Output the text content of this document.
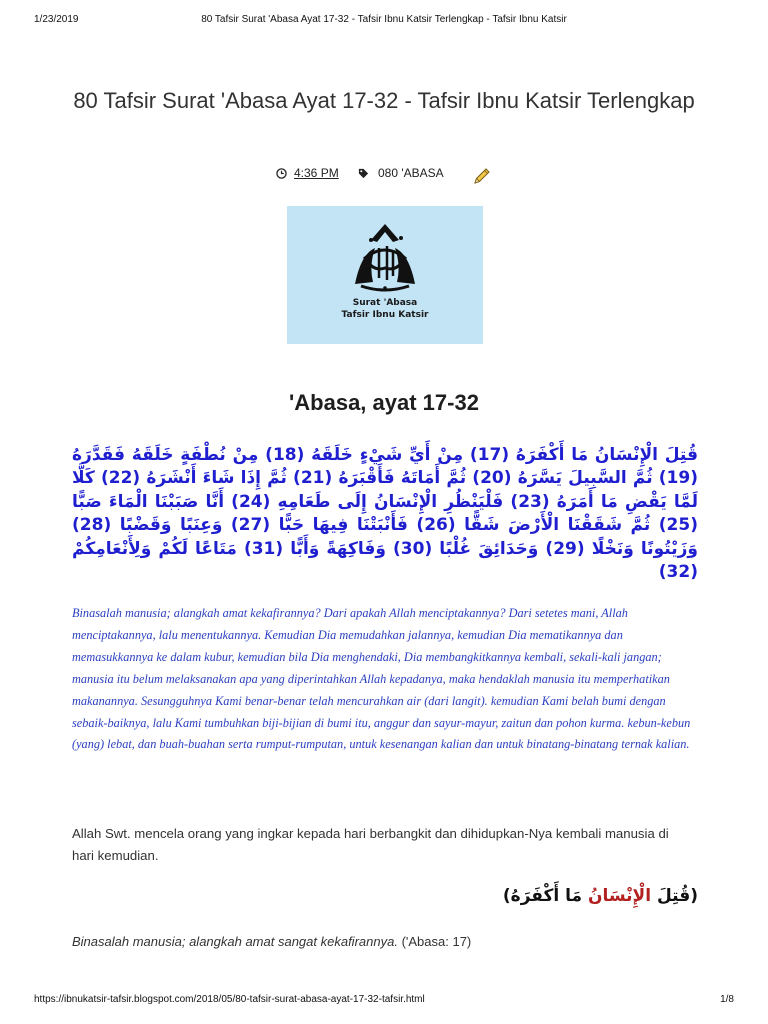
1/23/2019	80 Tafsir Surat 'Abasa Ayat 17-32 - Tafsir Ibnu Katsir Terlengkap - Tafsir Ibnu Katsir
80 Tafsir Surat 'Abasa Ayat 17-32 - Tafsir Ibnu Katsir Terlengkap
4:36 PM	080 'ABASA
Surat 'Abasa
Tafsir Ibnu Katsir
'Abasa, ayat 17-32
قُتِلَ الْإِنْسَانُ مَا أَكْفَرَهُ (17) مِنْ أَيِّ شَيْءٍ خَلَقَهُ (18) مِنْ نُطْفَةٍ خَلَقَهُ فَقَدَّرَهُ (19) ثُمَّ السَّبِيلَ يَسَّرَهُ (20) ثُمَّ أَمَاتَهُ فَأَقْبَرَهُ (21) ثُمَّ إِذَا شَاءَ أَنْشَرَهُ (22) كَلَّا لَمَّا يَقْضِ مَا أَمَرَهُ (23) فَلْيَنْظُرِ الْإِنْسَانُ إِلَى طَعَامِهِ (24) أَنَّا صَبَبْنَا الْمَاءَ صَبًّا (25) ثُمَّ شَقَقْنَا الْأَرْضَ شَقًّا (26) فَأَنْبَتْنَا فِيهَا حَبًّا (27) وَعِنَبًا وَقَضْبًا (28) وَزَيْتُونًا وَنَخْلًا (29) وَحَدَائِقَ غُلْبًا (30) وَفَاكِهَةً وَأَبًّا (31) مَتَاعًا لَكُمْ وَلِأَنْعَامِكُمْ (32)
Binasalah manusia; alangkah amat kekafirannya? Dari apakah Allah menciptakannya? Dari setetes mani, Allah menciptakannya, lalu menentukannya. Kemudian Dia memudahkan jalannya, kemudian Dia mematikannya dan memasukkannya ke dalam kubur, kemudian bila Dia menghendaki, Dia membangkitkannya kembali, sekali-kali jangan; manusia itu belum melaksanakan apa yang diperintahkan Allah kepadanya, maka hendaklah manusia itu memperhatikan makanannya. Sesungguhnya Kami benar-benar telah mencurahkan air (dari langit). kemudian Kami belah bumi dengan sebaik-baiknya, lalu Kami tumbuhkan biji-bijian di bumi itu, anggur dan sayur-mayur, zaitun dan pohon kurma. kebun-kebun (yang) lebat, dan buah-buahan serta rumput-rumputan, untuk kesenangan kalian dan untuk binatang-binatang ternak kalian.
Allah Swt. mencela orang yang ingkar kepada hari berbangkit dan dihidupkan-Nya kembali manusia di hari kemudian.
(قُتِلَ الْإِنْسَانُ مَا أَكْفَرَهُ)
Binasalah manusia; alangkah amat sangat kekafirannya. ('Abasa: 17)
https://ibnukatsir-tafsir.blogspot.com/2018/05/80-tafsir-surat-abasa-ayat-17-32-tafsir.html	1/8
